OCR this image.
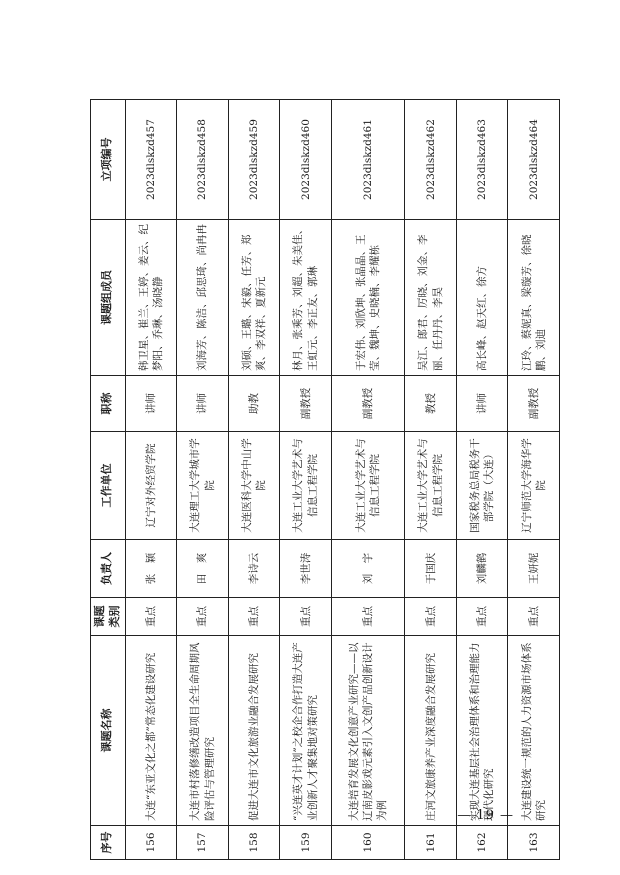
序号	课题名称	课题类别	负责人	工作单位	职称	课题组成员	立项编号
156	大连“东亚文化之都”常态化建设研究	重点	张　颖	辽宁对外经贸学院	讲师	韩卫星、崔兰、王婷、姜云、纪梦阳、乔琳、汤晓静	2023dlskzd457
157	大连市村落修缮改造项目全生命周期风险评估与管理研究	重点	田　爽	大连理工大学城市学院	讲师	刘海芳、陈洁、邱思琦、尚冉冉	2023dlskzd458
158	促进大连市文化旅游业融合发展研究	重点	李诗云	大连医科大学中山学院	助教	刘硕、王璐、宋毅、任芳、郑爽、李双祥、夏新元	2023dlskzd459
159	“兴连英才计划”之校企合作打造大连产业创新人才聚集地对策研究	重点	李世涛	大连工业大学艺术与信息工程学院	副教授	林月、张乘芳、刘超、朱美佳、王虹元、李正友、郭琳	2023dlskzd460
160	大连培育发展文化创意产业研究——以辽南皮影戏元素引入文创产品创新设计为例	重点	刘　宇	大连工业大学艺术与信息工程学院	副教授	于宏伟、刘欣坤、张晶晶、王莹、魏坤、史晓楠、李耀栋	2023dlskzd461
161	庄河文旅康养产业深度融合发展研究	重点	于国庆	大连工业大学艺术与信息工程学院	教授	吴江、郎君、厉晓、刘金、李丽、任丹丹、李昊	2023dlskzd462
162	实现大连基层社会治理体系和治理能力现代化研究	重点	刘麟鹤	国家税务总局税务干部学院（大连）	讲师	高长峰、赵天红、徐方	2023dlskzd463
163	大连建设统一规范的人力资源市场体系研究	重点	王妍妮	辽宁师范大学海华学院	副教授	江玲、蔡妮真、梁璇芳、徐晓鹏、刘迪	2023dlskzd464
— 19 —
